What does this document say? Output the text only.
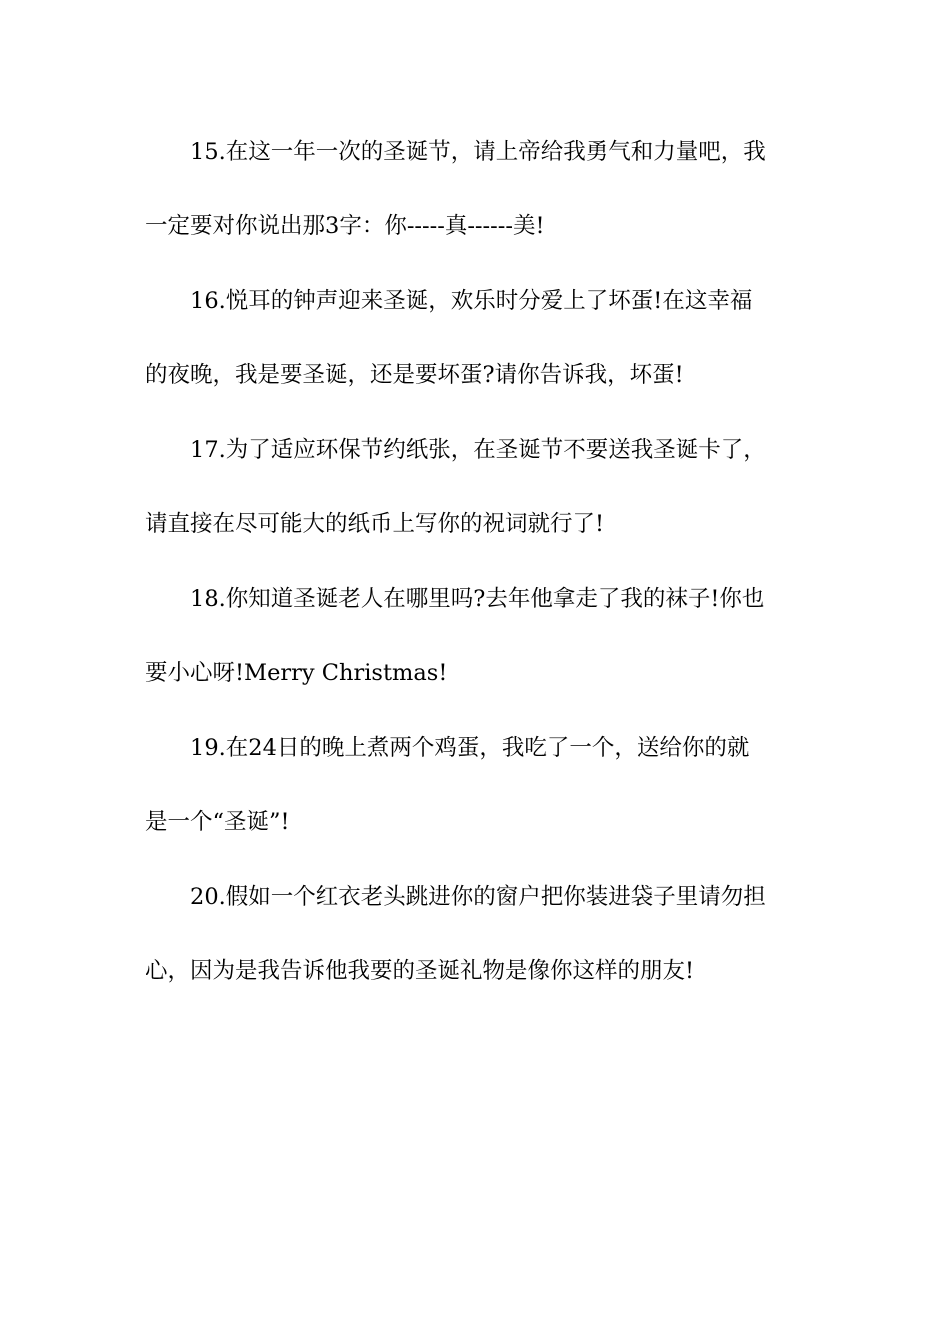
15.在这一年一次的圣诞节，请上帝给我勇气和力量吧，我
一定要对你说出那3字：你-----真------美!
16.悦耳的钟声迎来圣诞，欢乐时分爱上了坏蛋!在这幸福
的夜晚，我是要圣诞，还是要坏蛋?请你告诉我，坏蛋!
17.为了适应环保节约纸张，在圣诞节不要送我圣诞卡了，
请直接在尽可能大的纸币上写你的祝词就行了!
18.你知道圣诞老人在哪里吗?去年他拿走了我的袜子!你也
要小心呀!Merry Christmas!
19.在24日的晚上煮两个鸡蛋，我吃了一个，送给你的就
是一个“圣诞”!
20.假如一个红衣老头跳进你的窗户把你装进袋子里请勿担
心，因为是我告诉他我要的圣诞礼物是像你这样的朋友!
